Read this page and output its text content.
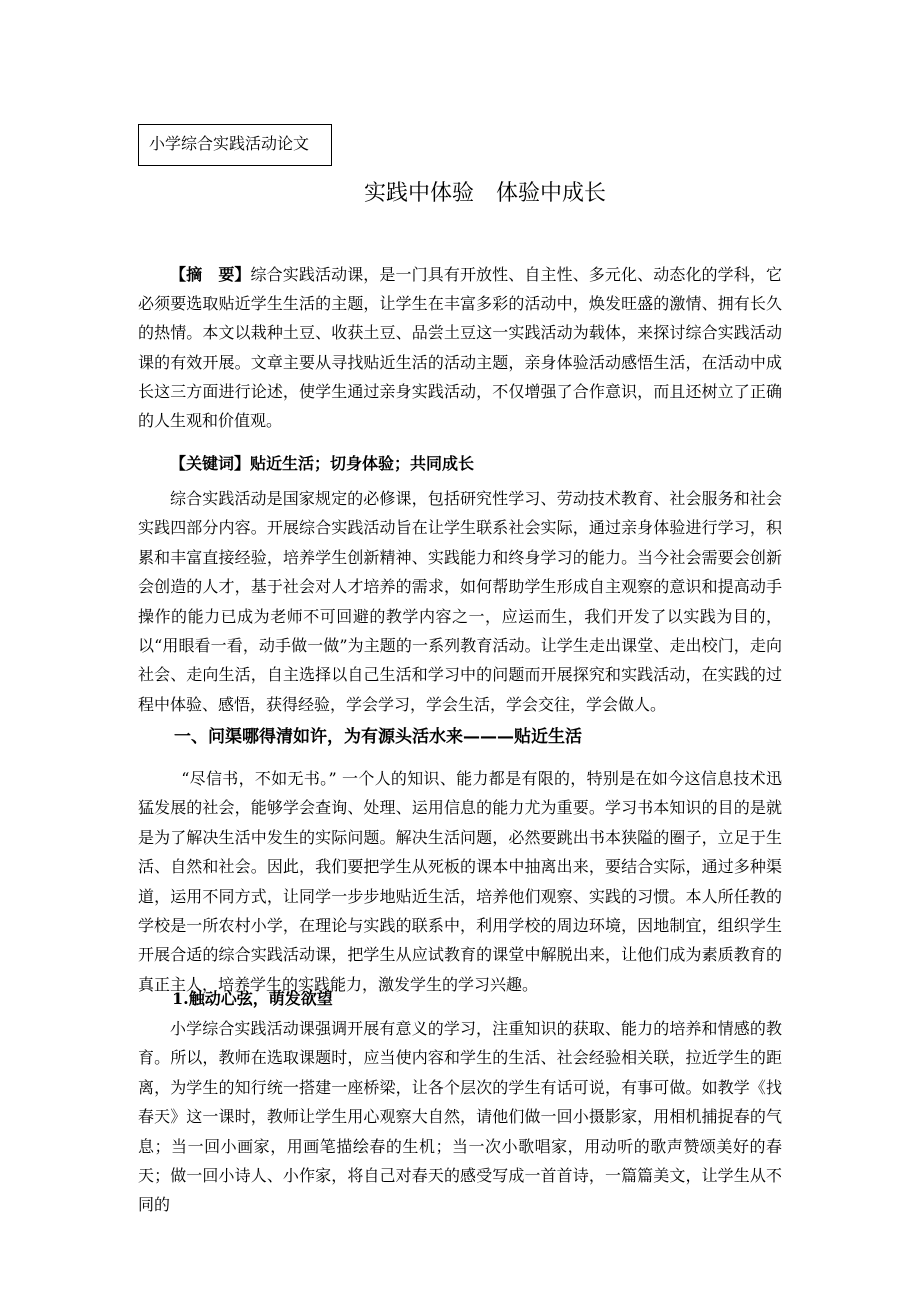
小学综合实践活动论文
实践中体验　体验中成长
【摘　要】综合实践活动课，是一门具有开放性、自主性、多元化、动态化的学科，它必须要选取贴近学生生活的主题，让学生在丰富多彩的活动中，焕发旺盛的激情、拥有长久的热情。本文以栽种土豆、收获土豆、品尝土豆这一实践活动为载体，来探讨综合实践活动课的有效开展。文章主要从寻找贴近生活的活动主题，亲身体验活动感悟生活，在活动中成长这三方面进行论述，使学生通过亲身实践活动，不仅增强了合作意识，而且还树立了正确的人生观和价值观。
【关键词】贴近生活；切身体验；共同成长
综合实践活动是国家规定的必修课，包括研究性学习、劳动技术教育、社会服务和社会实践四部分内容。开展综合实践活动旨在让学生联系社会实际，通过亲身体验进行学习，积累和丰富直接经验，培养学生创新精神、实践能力和终身学习的能力。当今社会需要会创新会创造的人才，基于社会对人才培养的需求，如何帮助学生形成自主观察的意识和提高动手操作的能力已成为老师不可回避的教学内容之一，应运而生，我们开发了以实践为目的，以“用眼看一看，动手做一做”为主题的一系列教育活动。让学生走出课堂、走出校门，走向社会、走向生活，自主选择以自己生活和学习中的问题而开展探究和实践活动，在实践的过程中体验、感悟，获得经验，学会学习，学会生活，学会交往，学会做人。
一、问渠哪得清如许，为有源头活水来———贴近生活
“尽信书，不如无书。” 一个人的知识、能力都是有限的，特别是在如今这信息技术迅猛发展的社会，能够学会查询、处理、运用信息的能力尤为重要。学习书本知识的目的是就是为了解决生活中发生的实际问题。解决生活问题，必然要跳出书本狭隘的圈子，立足于生活、自然和社会。因此，我们要把学生从死板的课本中抽离出来，要结合实际，通过多种渠道，运用不同方式，让同学一步步地贴近生活，培养他们观察、实践的习惯。本人所任教的学校是一所农村小学，在理论与实践的联系中，利用学校的周边环境，因地制宜，组织学生开展合适的综合实践活动课，把学生从应试教育的课堂中解脱出来，让他们成为素质教育的真正主人，培养学生的实践能力，激发学生的学习兴趣。
1.触动心弦，萌发欲望
小学综合实践活动课强调开展有意义的学习，注重知识的获取、能力的培养和情感的教育。所以，教师在选取课题时，应当使内容和学生的生活、社会经验相关联，拉近学生的距离，为学生的知行统一搭建一座桥梁，让各个层次的学生有话可说，有事可做。如教学《找春天》这一课时，教师让学生用心观察大自然，请他们做一回小摄影家，用相机捕捉春的气息；当一回小画家，用画笔描绘春的生机；当一次小歌唱家，用动听的歌声赞颂美好的春天；做一回小诗人、小作家，将自己对春天的感受写成一首首诗，一篇篇美文，让学生从不同的
